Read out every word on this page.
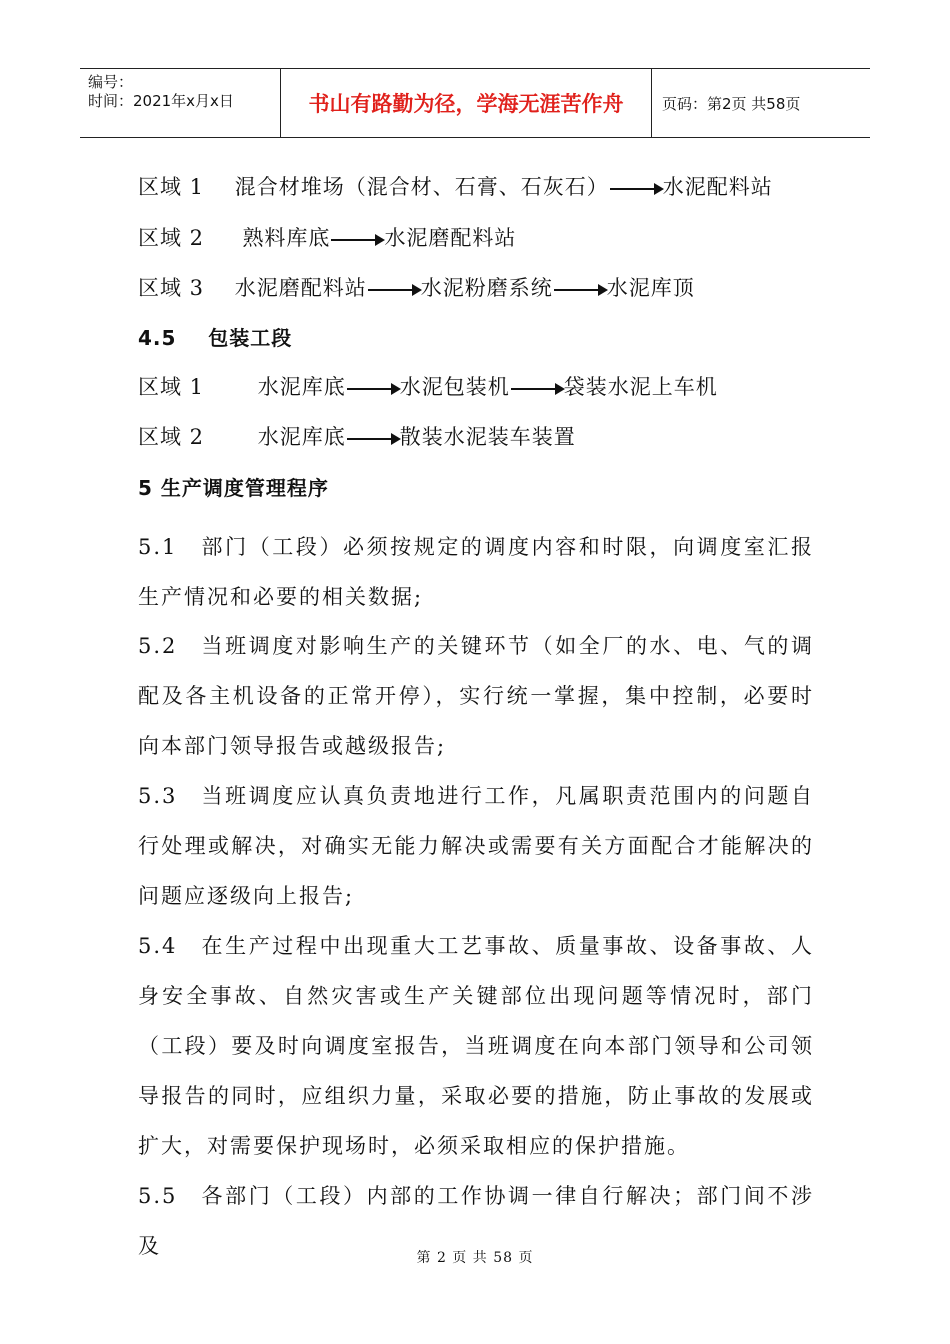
编号：
时间：2021年x月x日	书山有路勤为径，学海无涯苦作舟	页码：第2页 共58页
区域 1 混合材堆场（混合材、石膏、石灰石）	水泥配料站
区域 2 熟料库底	水泥磨配料站
区域 3 水泥磨配料站	水泥粉磨系统	水泥库顶
4.5 包装工段
区域 1	水泥库底	水泥包装机	袋装水泥上车机
区域 2	水泥库底	散装水泥装车装置
5 生产调度管理程序
5.1　部门（工段）必须按规定的调度内容和时限，向调度室汇报生产情况和必要的相关数据;
5.2　当班调度对影响生产的关键环节（如全厂的水、电、气的调配及各主机设备的正常开停），实行统一掌握，集中控制，必要时向本部门领导报告或越级报告;
5.3　当班调度应认真负责地进行工作，凡属职责范围内的问题自行处理或解决，对确实无能力解决或需要有关方面配合才能解决的问题应逐级向上报告;
5.4　在生产过程中出现重大工艺事故、质量事故、设备事故、人身安全事故、自然灾害或生产关键部位出现问题等情况时，部门（工段）要及时向调度室报告，当班调度在向本部门领导和公司领导报告的同时，应组织力量，采取必要的措施，防止事故的发展或扩大，对需要保护现场时，必须采取相应的保护措施。
5.5　各部门（工段）内部的工作协调一律自行解决；部门间不涉及	第 2 页 共 58 页
